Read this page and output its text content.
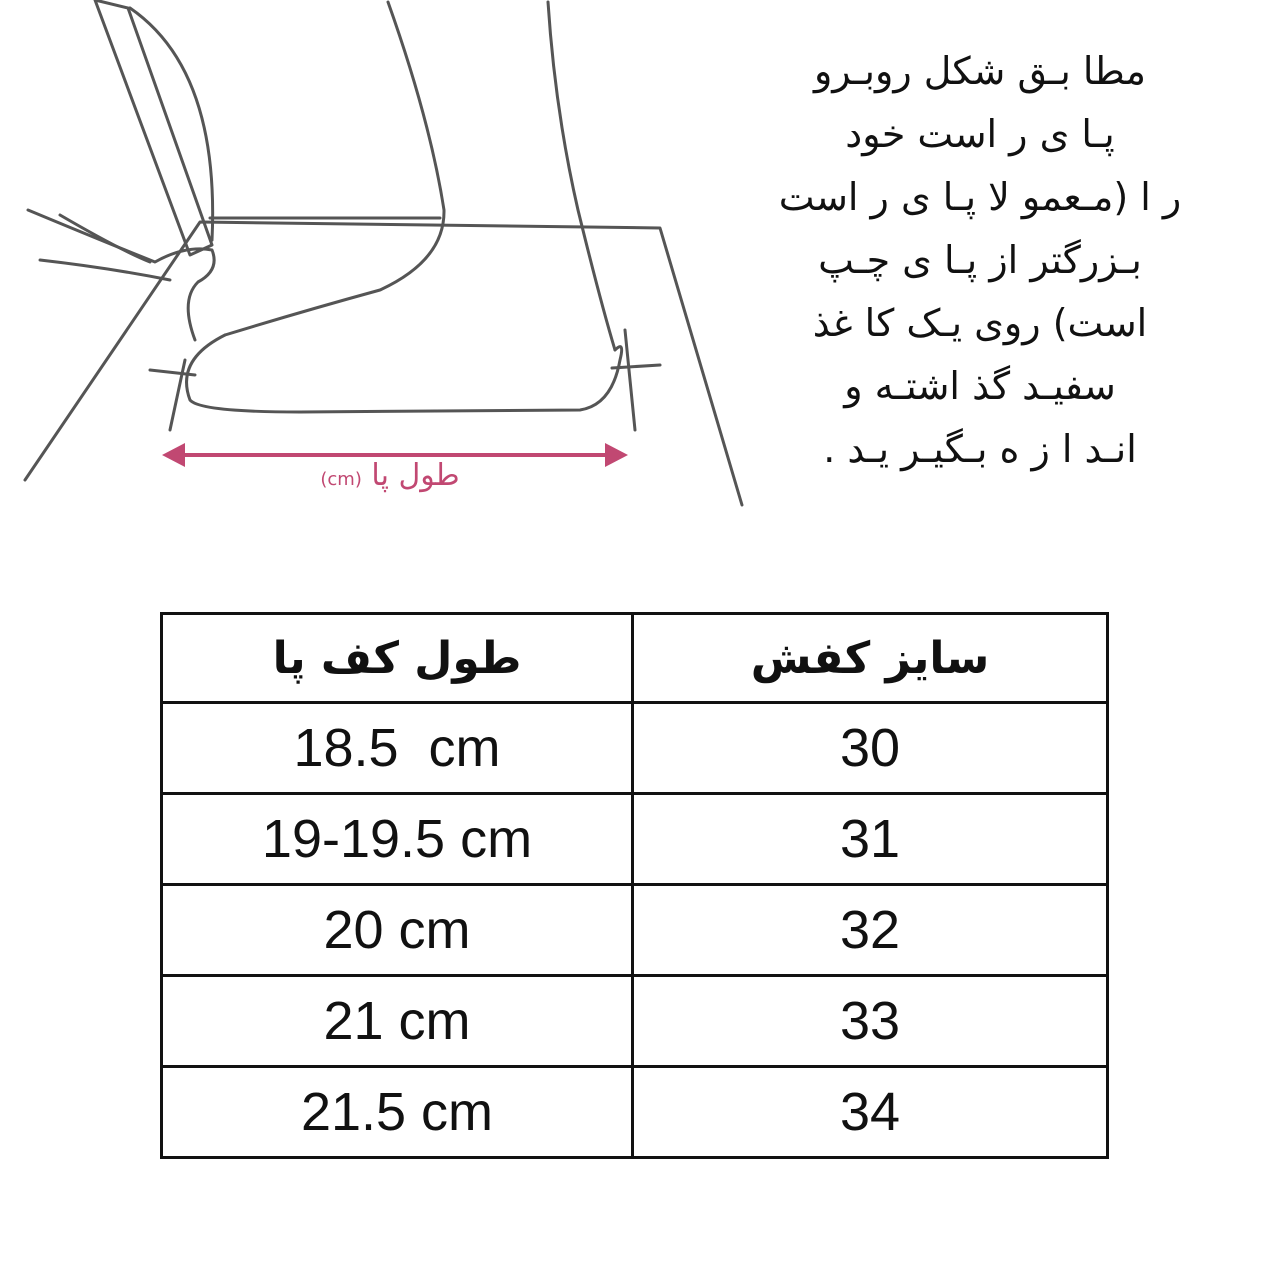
طول پا (cm)
مطا بـق شکل روبـرو
پـا ی ر است خود
ر ا (مـعمو لا پـا ی ر است
بـزرگتر از پـا ی چـپ
است) روی یـک کا غذ
سفیـد گذ اشتـه و
انـد ا ز ه بـگیـر یـد .
طول کف پا	سایز کفش
18.5  cm	30
19-19.5 cm	31
20 cm	32
21 cm	33
21.5 cm	34
